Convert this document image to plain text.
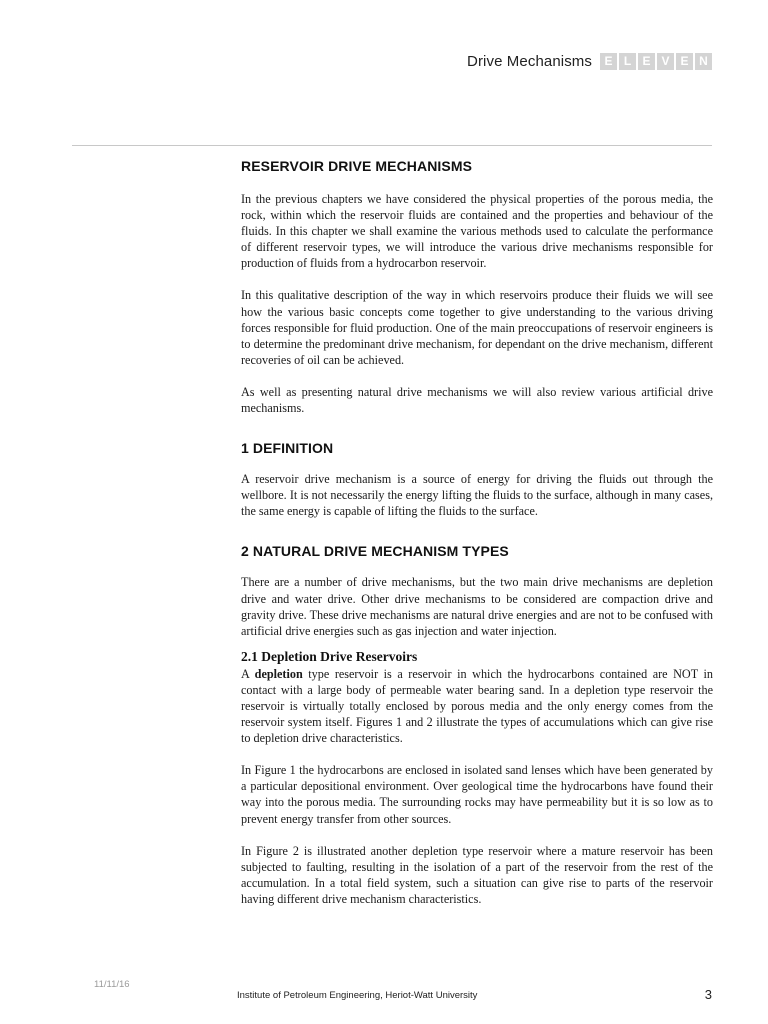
Drive Mechanisms	E L E V E N
RESERVOIR DRIVE MECHANISMS

In the previous chapters we have considered the physical properties of the porous media, the rock, within which the reservoir fluids are contained and the properties and behaviour of the fluids. In this chapter we shall examine the various methods used to calculate the performance of different reservoir types, we will introduce the various drive mechanisms responsible for production of fluids from a hydrocarbon reservoir.

In this qualitative description of the way in which reservoirs produce their fluids we will see how the various basic concepts come together to give understanding to the various driving forces responsible for fluid production. One of the main preoccupations of reservoir engineers is to determine the predominant drive mechanism, for dependant on the drive mechanism, different recoveries of oil can be achieved.

As well as presenting natural drive mechanisms we will also review various artificial drive mechanisms.

1 DEFINITION

A reservoir drive mechanism is a source of energy for driving the fluids out through the wellbore. It is not necessarily the energy lifting the fluids to the surface, although in many cases, the same energy is capable of lifting the fluids to the surface.

2 NATURAL DRIVE MECHANISM TYPES

There are a number of drive mechanisms, but the two main drive mechanisms are depletion drive and water drive. Other drive mechanisms to be considered are compaction drive and gravity drive. These drive mechanisms are natural drive energies and are not to be confused with artificial drive energies such as gas injection and water injection.

2.1 Depletion Drive Reservoirs

A depletion type reservoir is a reservoir in which the hydrocarbons contained are NOT in contact with a large body of permeable water bearing sand. In a depletion type reservoir the reservoir is virtually totally enclosed by porous media and the only energy comes from the reservoir system itself. Figures 1 and 2 illustrate the types of accumulations which can give rise to depletion drive characteristics.

In Figure 1 the hydrocarbons are enclosed in isolated sand lenses which have been generated by a particular depositional environment. Over geological time the hydrocarbons have found their way into the porous media. The surrounding rocks may have permeability but it is so low as to prevent energy transfer from other sources.

In Figure 2 is illustrated another depletion type reservoir where a mature reservoir has been subjected to faulting, resulting in the isolation of a part of the reservoir from the rest of the accumulation. In a total field system, such a situation can give rise to parts of the reservoir having different drive mechanism characteristics.

11/11/16
Institute of Petroleum Engineering, Heriot-Watt University	3
